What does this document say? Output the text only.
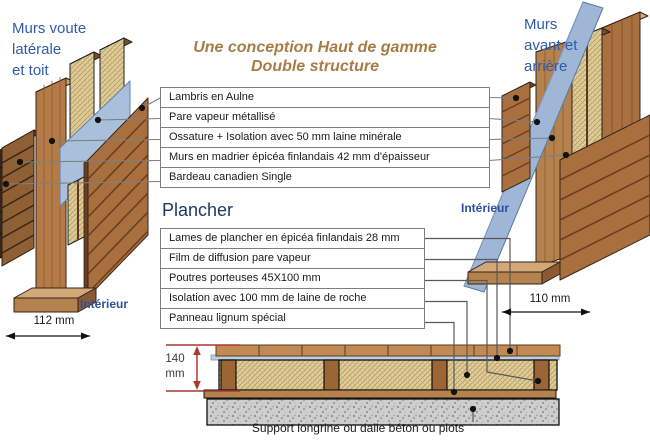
Murs voute
latérale
et toit
Murs
avant et
arrière
Une conception Haut de gamme
Double structure
Lambris en Aulne
Pare vapeur métallisé
Ossature + Isolation avec 50 mm laine minérale
Murs en madrier épicéa finlandais 42 mm d'épaisseur
Bardeau canadien Single
Plancher
Lames de plancher en épicéa finlandais 28 mm
Film de diffusion pare vapeur
Poutres porteuses 45X100 mm
Isolation avec 100 mm de laine de roche
Panneau lignum spécial
Intérieur
Intérieur
112 mm
110 mm
140
mm
Support longrine ou dalle béton ou plots
